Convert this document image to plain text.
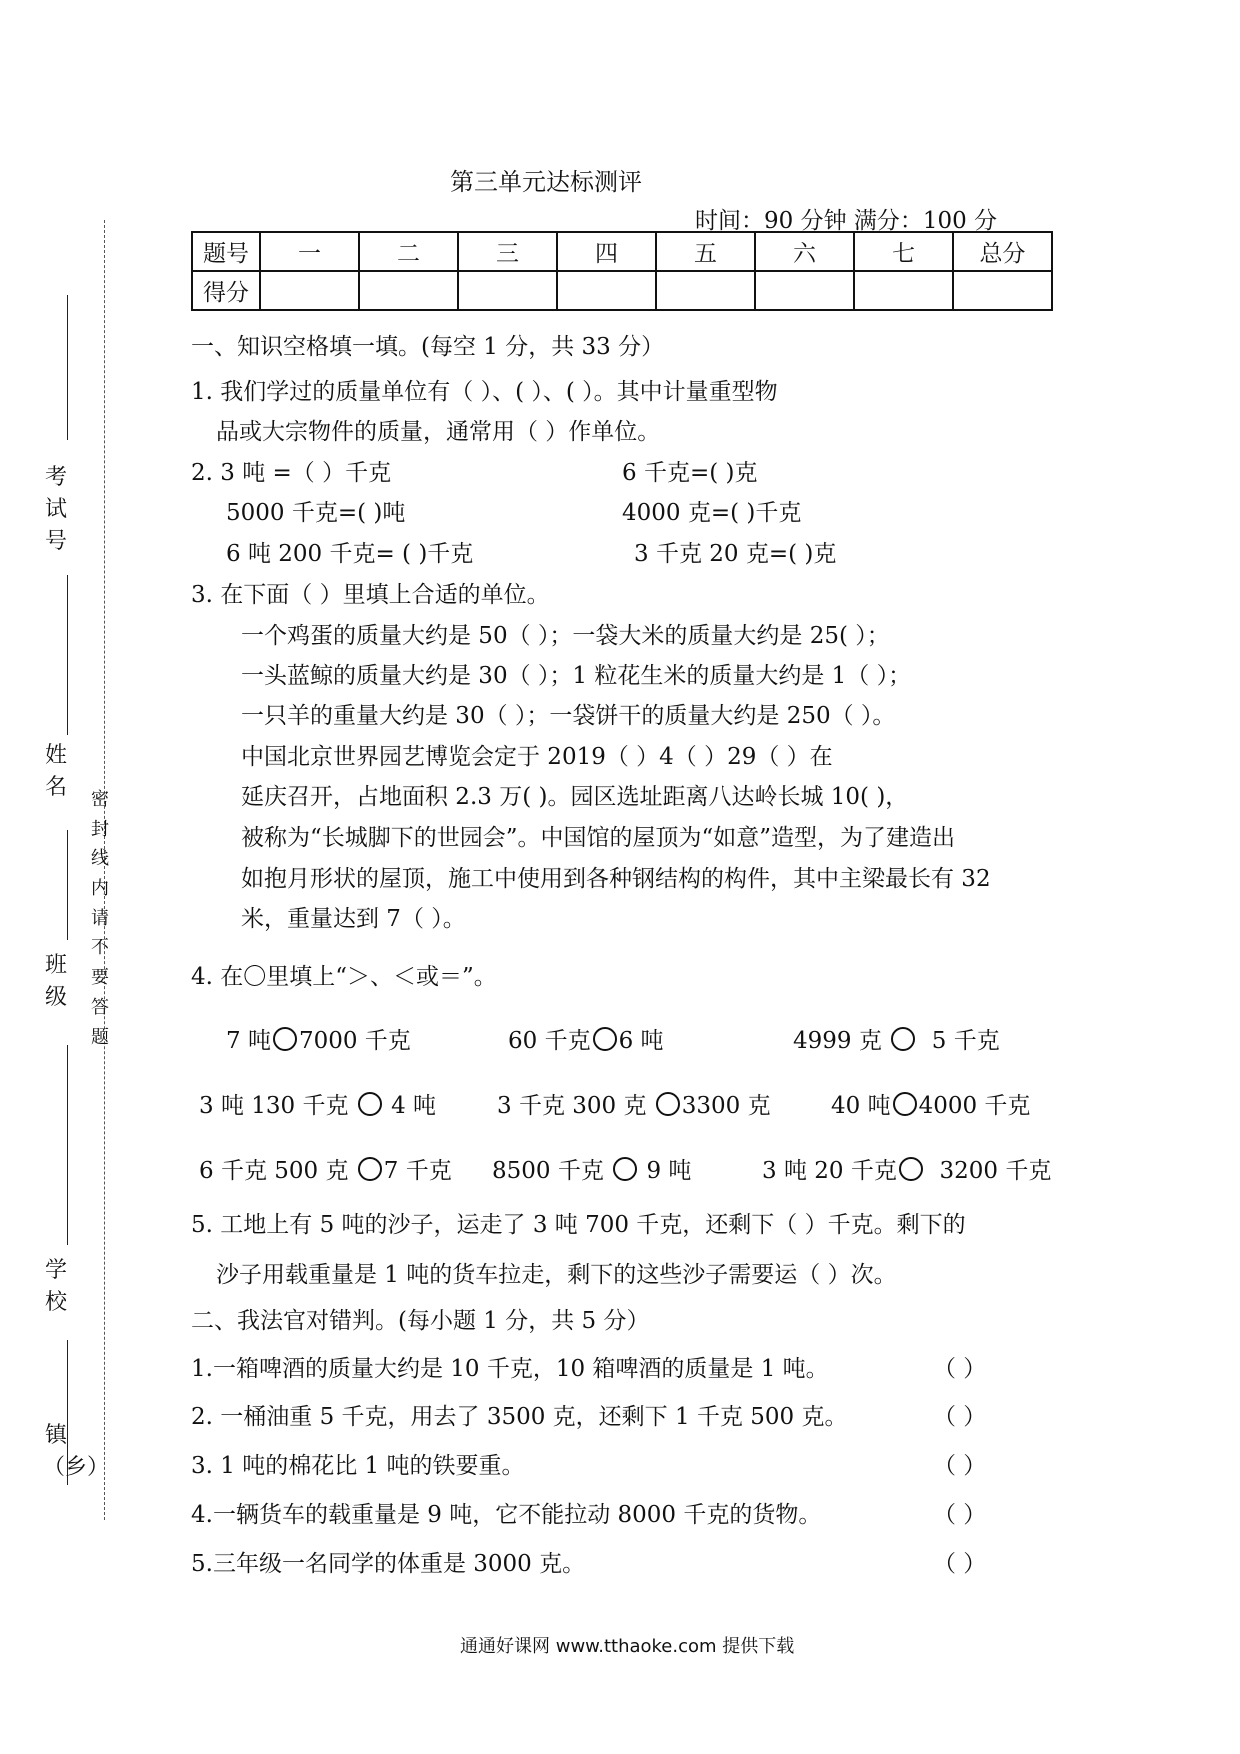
考试号
姓名
班级
学校
镇（乡）
密封线内请不要答题
第三单元达标测评
时间：90 分钟 满分：100 分
题号	一	二	三	四	五	六	七	总分
得分								
一、知识空格填一填。(每空 1 分，共 33 分）
1. 我们学过的质量单位有（ ）、( ）、( ）。其中计量重型物
品或大宗物件的质量，通常用（ ）作单位。
2. 3 吨 =（ ）千克	6 千克=( )克
5000 千克=( )吨	4000 克=( )千克
6 吨 200 千克= ( )千克	3 千克 20 克=( )克
3. 在下面（ ）里填上合适的单位。
一个鸡蛋的质量大约是 50（ ）；一袋大米的质量大约是 25( ）；
一头蓝鲸的质量大约是 30（ ）；1 粒花生米的质量大约是 1（ ）；
一只羊的重量大约是 30（ ）；一袋饼干的质量大约是 250（ ）。
中国北京世界园艺博览会定于 2019（ ）4（ ）29（ ）在
延庆召开，占地面积 2.3 万( )。园区选址距离八达岭长城 10( )，
被称为“长城脚下的世园会”。中国馆的屋顶为“如意”造型，为了建造出
如抱月形状的屋顶，施工中使用到各种钢结构的构件，其中主梁最长有 32
米，重量达到 7（ ）。
4. 在〇里填上“＞、＜或＝”。
7 吨 7000 千克	60 千克 6 吨	4999 克 5 千克
3 吨 130 千克 4 吨	3 千克 300 克 3300 克	40 吨 4000 千克
6 千克 500 克 7 千克 8500 千克 9 吨	3 吨 20 千克 3200 千克
5. 工地上有 5 吨的沙子，运走了 3 吨 700 千克，还剩下（ ）千克。剩下的
沙子用载重量是 1 吨的货车拉走，剩下的这些沙子需要运（ ）次。
二、我法官对错判。(每小题 1 分，共 5 分）
1.一箱啤酒的质量大约是 10 千克，10 箱啤酒的质量是 1 吨。	（ ）
2. 一桶油重 5 千克，用去了 3500 克，还剩下 1 千克 500 克。	（ ）
3. 1 吨的棉花比 1 吨的铁要重。	（ ）
4.一辆货车的载重量是 9 吨，它不能拉动 8000 千克的货物。	（ ）
5.三年级一名同学的体重是 3000 克。	（ ）
通通好课网 www.tthaoke.com 提供下载
